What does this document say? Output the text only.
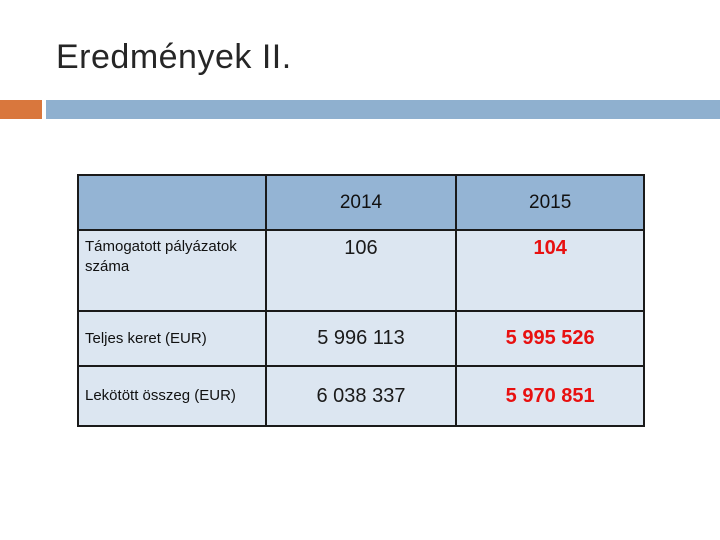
Eredmények II.
	2014	2015
Támogatott pályázatok száma	106	104
Teljes keret (EUR)	5 996 113	5 995 526
Lekötött összeg (EUR)	6 038 337	5 970 851
